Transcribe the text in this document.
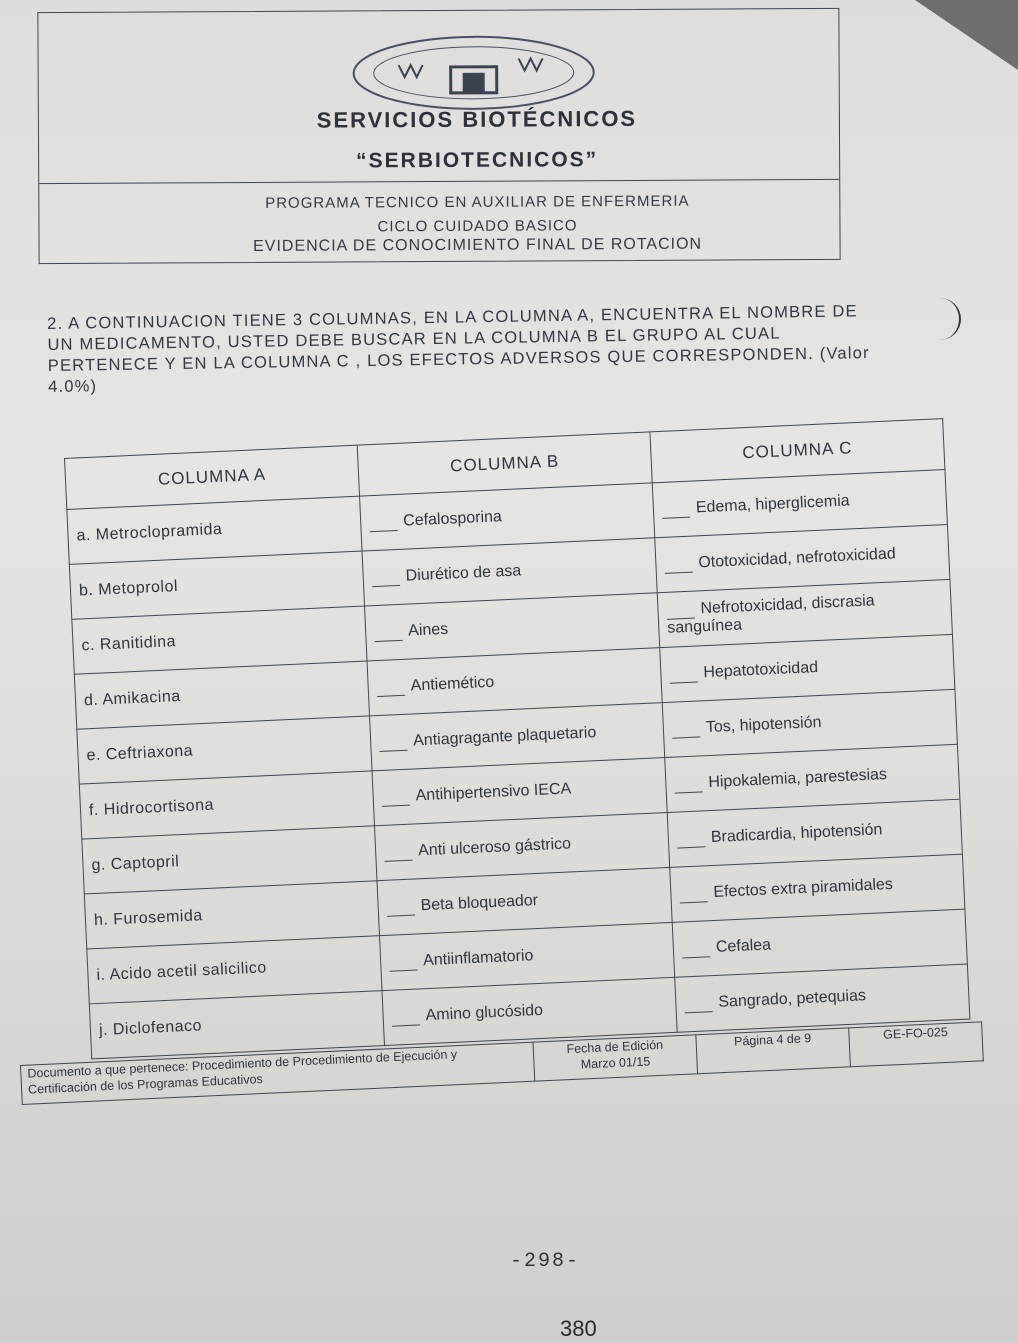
SERVICIOS BIOTÉCNICOS
“SERBIOTECNICOS”
PROGRAMA TECNICO EN AUXILIAR DE ENFERMERIA
CICLO CUIDADO BASICO
EVIDENCIA DE CONOCIMIENTO FINAL DE ROTACION
2. A CONTINUACION TIENE 3 COLUMNAS, EN LA COLUMNA A, ENCUENTRA EL NOMBRE DE UN MEDICAMENTO, USTED DEBE BUSCAR EN LA COLUMNA B EL GRUPO AL CUAL PERTENECE Y EN LA COLUMNA C , LOS EFECTOS ADVERSOS QUE CORRESPONDEN. (Valor 4.0%)
COLUMNA A	COLUMNA B	COLUMNA C
a. Metroclopramida	Cefalosporina	Edema, hiperglicemia
b. Metoprolol	Diurético de asa	Ototoxicidad, nefrotoxicidad
c. Ranitidina	Aines	Nefrotoxicidad, discrasia sanguínea
d. Amikacina	Antiemético	Hepatotoxicidad
e. Ceftriaxona	Antiagragante plaquetario	Tos, hipotensión
f. Hidrocortisona	Antihipertensivo IECA	Hipokalemia, parestesias
g. Captopril	Anti ulceroso gástrico	Bradicardia, hipotensión
h. Furosemida	Beta bloqueador	Efectos extra piramidales
i. Acido acetil salicilico	Antiinflamatorio	Cefalea
j. Diclofenaco	Amino glucósido	Sangrado, petequias
Documento a que pertenece: Procedimiento de Procedimiento de Ejecución y Certificación de los Programas Educativos	
Fecha de Edición
Marzo 01/15
	Página 4 de 9	GE-FO-025
-298-
380
